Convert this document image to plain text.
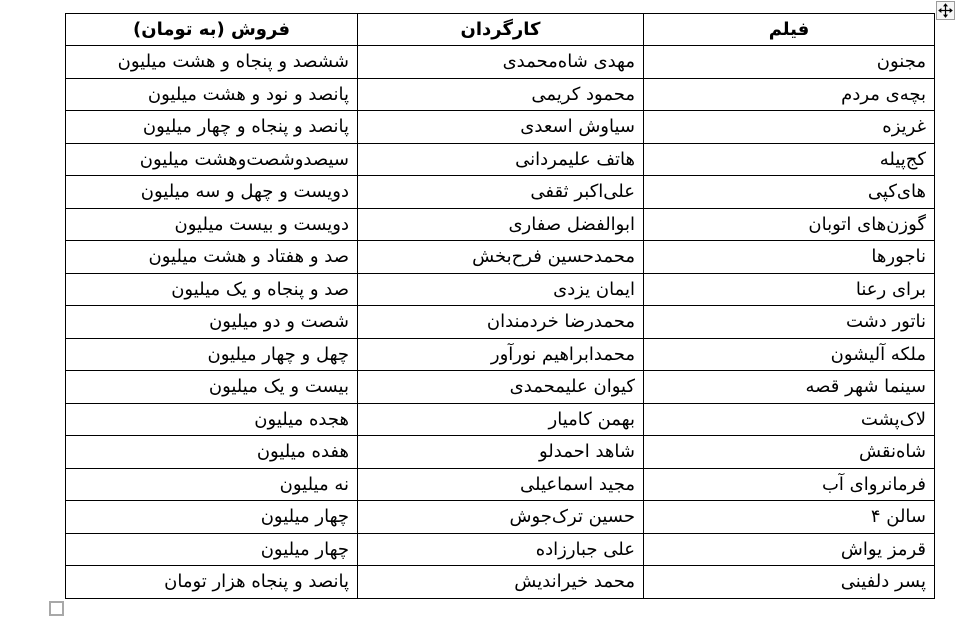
فیلم	کارگردان	فروش (به تومان)
مجنون	مهدی شاه‌محمدی	ششصد و پنجاه و هشت میلیون
بچه‌ی مردم	محمود کریمی	پانصد و نود و هشت میلیون
غریزه	سیاوش اسعدی	پانصد و پنجاه و چهار میلیون
کج‌پیله	هاتف علیمردانی	سیصدوشصت‌وهشت میلیون
های‌کپی	علی‌اکبر ثقفی	دویست و چهل و سه میلیون
گوزن‌های اتوبان	ابوالفضل صفاری	دویست و بیست میلیون
ناجورها	محمدحسین فرح‌بخش	صد و هفتاد و هشت میلیون
برای رعنا	ایمان یزدی	صد و پنجاه و یک میلیون
ناتور دشت	محمدرضا خردمندان	شصت و دو میلیون
ملکه آلیشون	محمدابراهیم نورآور	چهل و چهار میلیون
سینما شهر قصه	کیوان علیمحمدی	بیست و یک میلیون
لاک‌پشت	بهمن کامیار	هجده میلیون
شاه‌نقش	شاهد احمدلو	هفده میلیون
فرمانروای آب	مجید اسماعیلی	نه میلیون
سالن ۴	حسین ترک‌جوش	چهار میلیون
قرمز یواش	علی جبارزاده	چهار میلیون
پسر دلفینی	محمد خیراندیش	پانصد و پنجاه هزار تومان
